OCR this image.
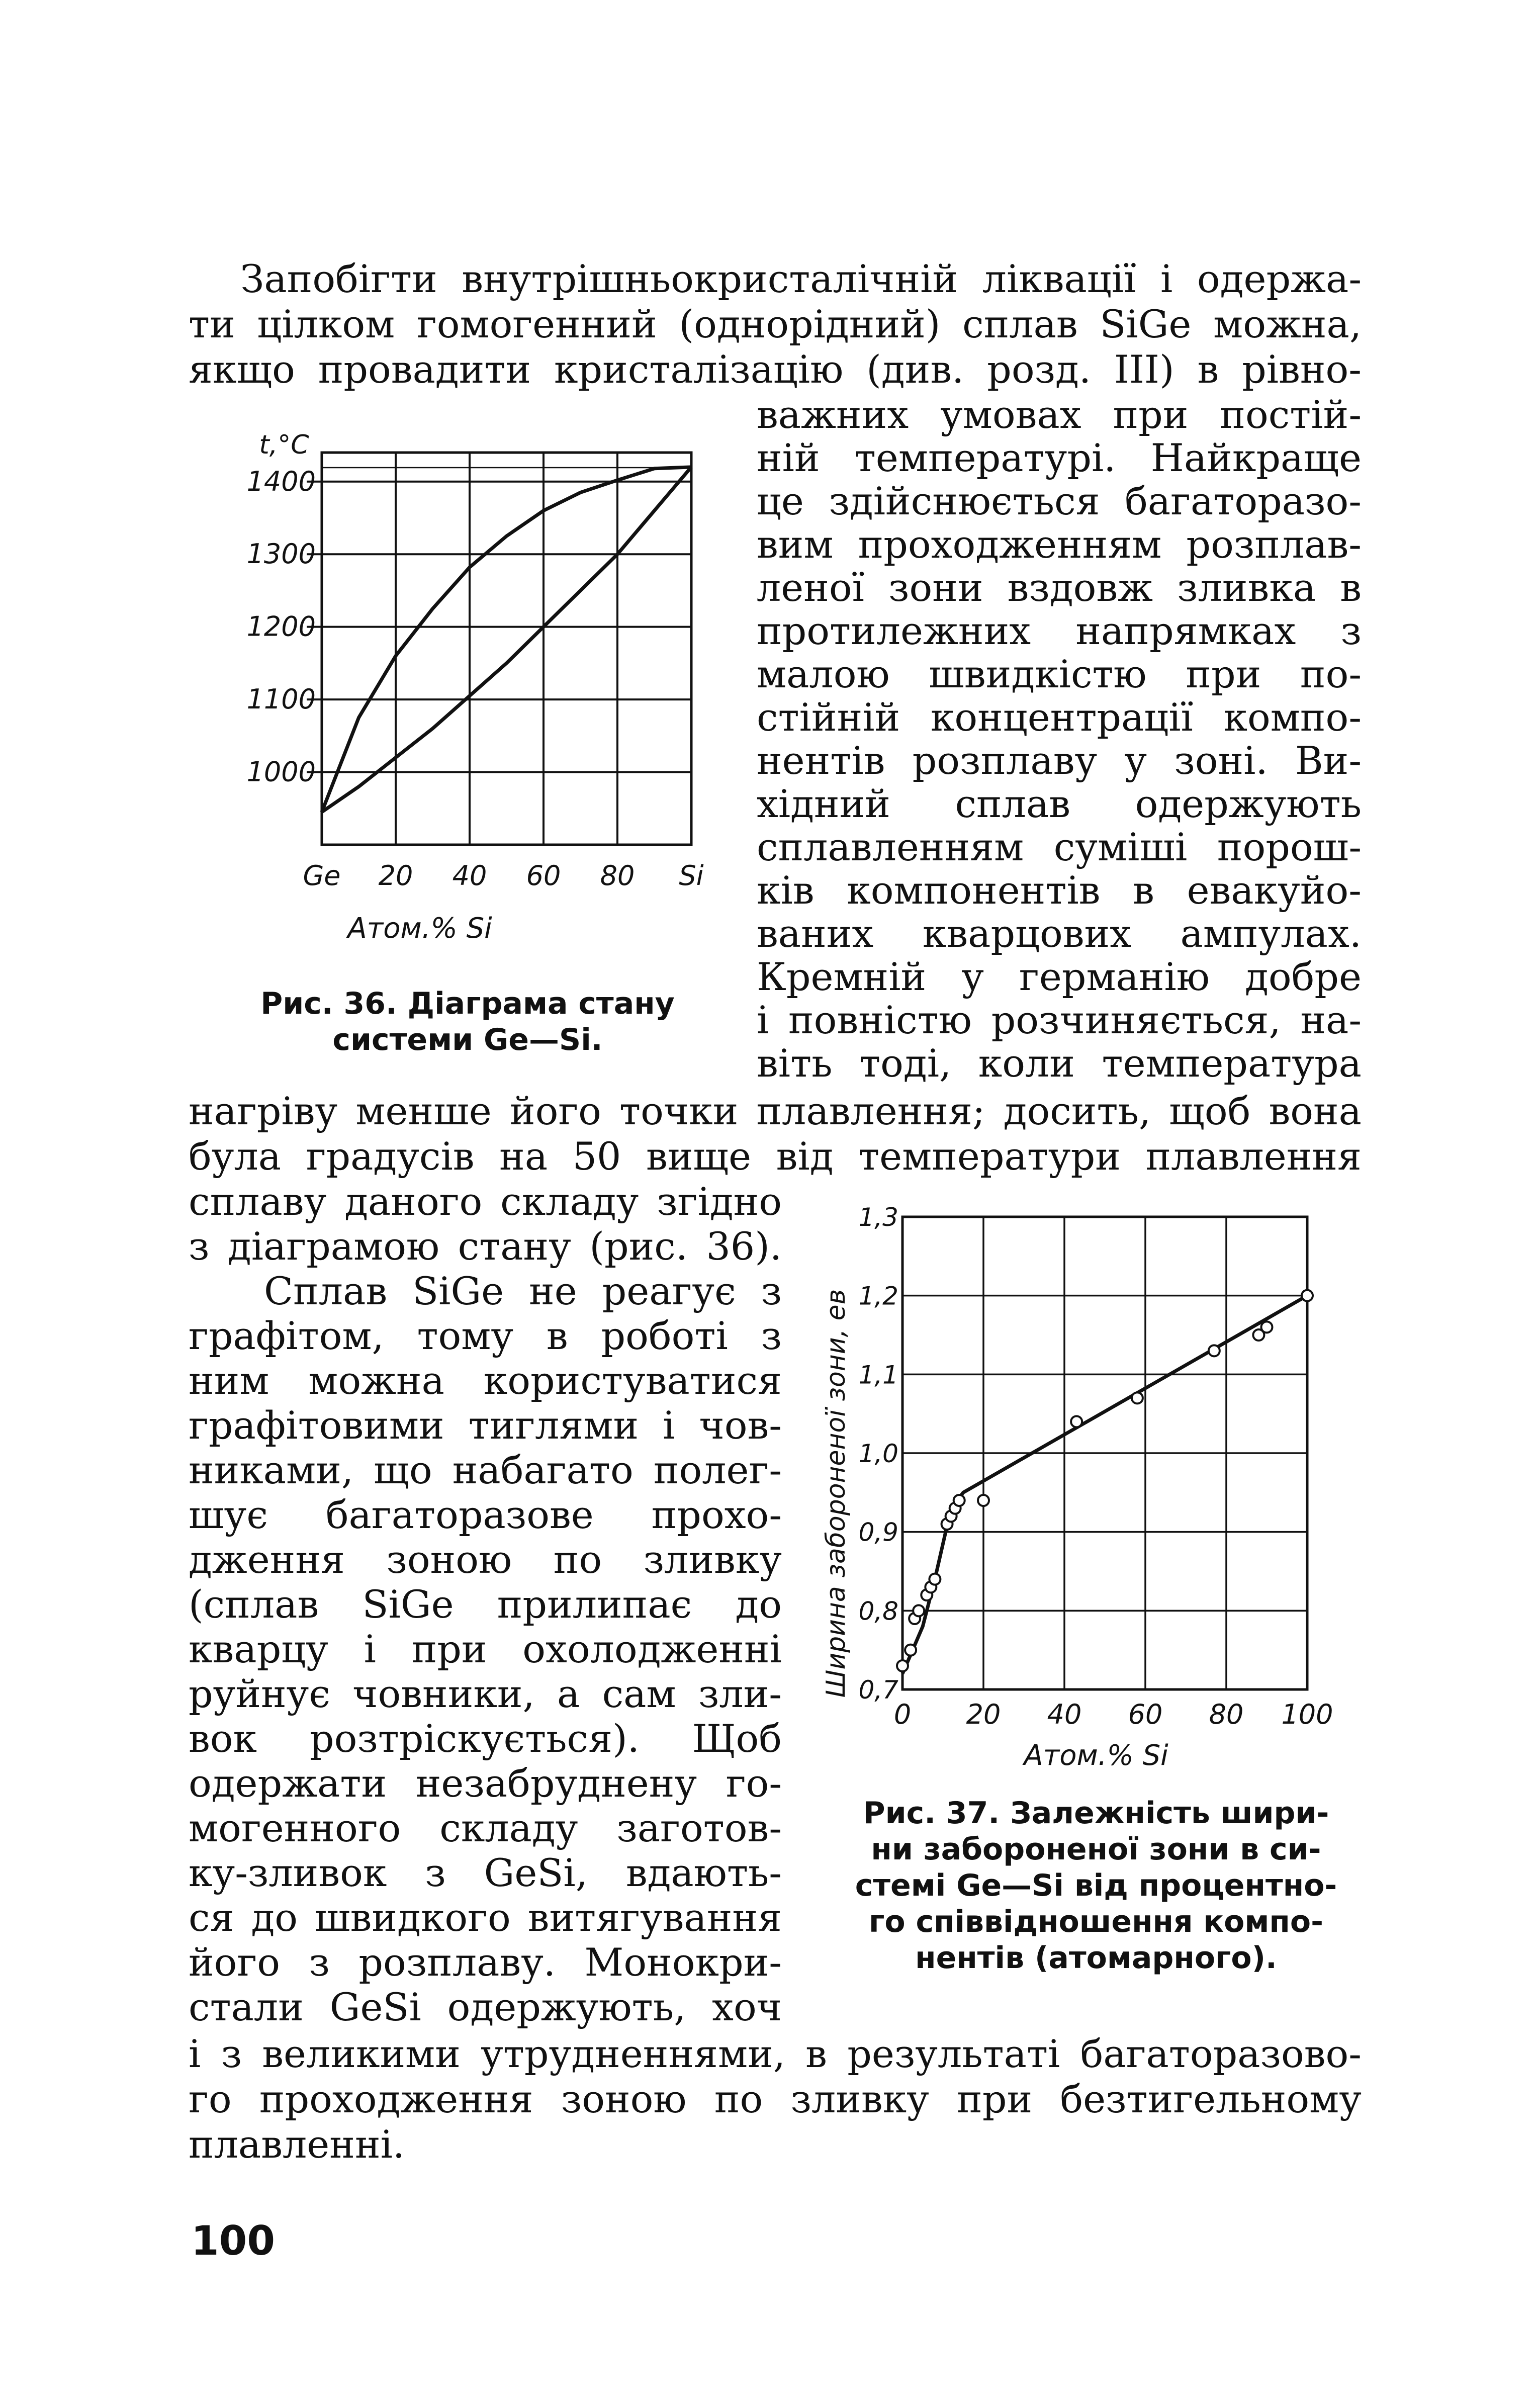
Запобігти внутрішньокристалічній ліквації і одержа-
ти цілком гомогенний (однорідний) сплав SiGe можна,
якщо провадити кристалізацію (див. розд. III) в рівно-
важних умовах при постій-
ній температурі. Найкраще
це здійснюється багаторазо-
вим проходженням розплав-
леної зони вздовж зливка в
протилежних напрямках з
малою швидкістю при по-
стійній концентрації компо-
нентів розплаву у зоні. Ви-
хідний сплав одержують
сплавленням суміші порош-
ків компонентів в евакуйо-
ваних кварцових ампулах.
Кремній у германію добре
і повністю розчиняється, на-
віть тоді, коли температура
нагріву менше його точки плавлення; досить, щоб вона
була градусів на 50 вище від температури плавлення
сплаву даного складу згідно
з діаграмою стану (рис. 36).
Сплав SiGe не реагує з
графітом, тому в роботі з
ним можна користуватися
графітовими тиглями і чов-
никами, що набагато полег-
шує багаторазове прохо-
дження зоною по зливку
(сплав SiGe прилипає до
кварцу і при охолодженні
руйнує човники, а сам зли-
вок розтріскується). Щоб
одержати незабруднену го-
могенного складу заготов-
ку-зливок з GeSi, вдають-
ся до швидкого витягування
його з розплаву. Монокри-
стали GeSi одержують, хоч
і з великими утрудненнями, в результаті багаторазово-
го проходження зоною по зливку при безтигельному
плавленні.
100
t,°C
1400
1300
1200
1100
1000
Ge 20 40 60 80 Si
Атом.% Si
Рис. 36. Діаграма стану
системи Ge—Si.
1,3
1,2
1,1
1,0
0,9
0,8
0,7
0 20 40 60 80 100
Ширина забороненої зони, ев
Атом.% Si
Рис. 37. Залежність шири-
ни забороненої зони в си-
стемі Ge—Si від процентно-
го співвідношення компо-
нентів (атомарного).
